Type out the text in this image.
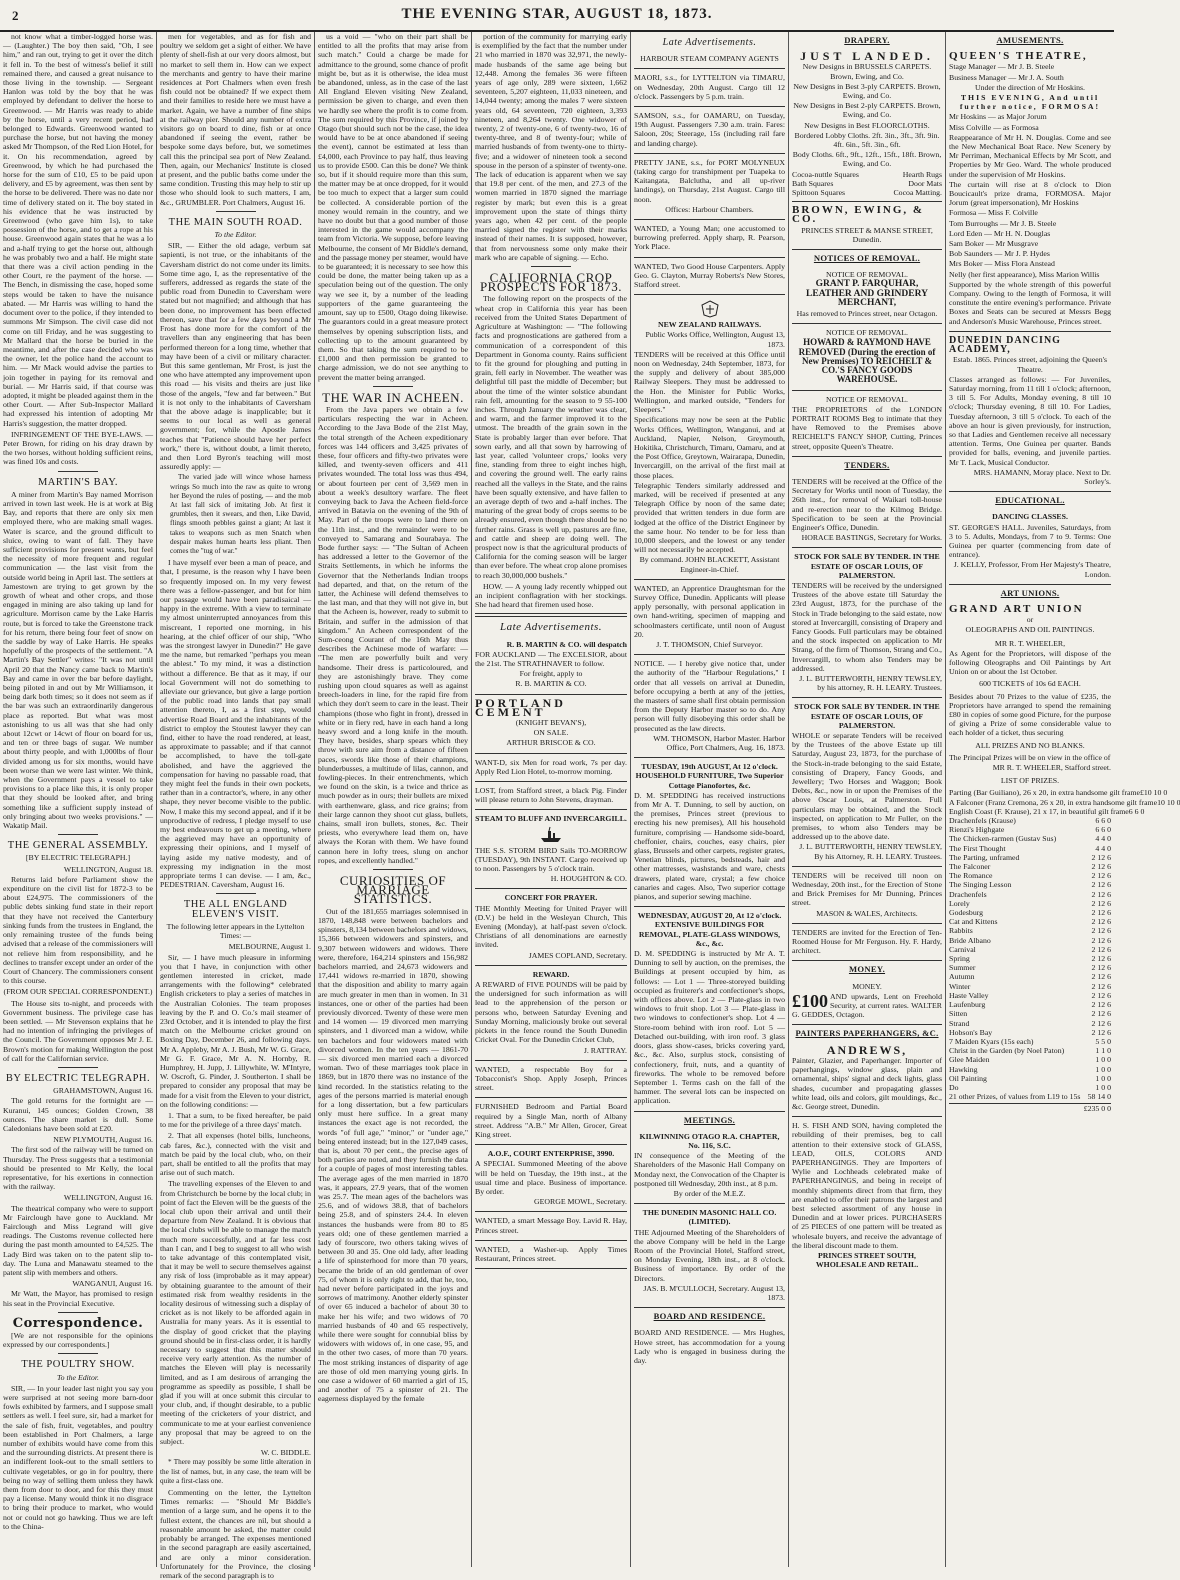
2	THE EVENING STAR, AUGUST 18, 1873.

not know what a timber-logged horse was. — (Laughter.) The boy then said, "Oh, I see him," and ran out, trying to get it over the ditch it fell in. To the best of witness's belief it still remained there, and caused a great nuisance to those living in the township. — Sergeant Hanlon was told by the boy that he was employed by defendant to deliver the horse to Greenwood. — Mr Harris was ready to abide by the horse, until a very recent period, had belonged to Edwards. Greenwood wanted to purchase the horse, but not having the money asked Mr Thompson, of the Red Lion Hotel, for it. On his recommendation, agreed by Greenwood, by which he had purchased the horse for the sum of £10, £5 to be paid upon delivery, and £5 by agreement, was then sent by the horse to be delivered. There was no date nor time of delivery stated on it. The boy stated in his evidence that he was instructed by Greenwood (who gave him 1s), to take possession of the horse, and to get a rope at his house. Greenwood again states that he was a lo and a-half trying to get the horse out, although he was probably two and a half. He might state that there was a civil action pending in the other Court, re the payment of the horse. — The Bench, in dismissing the case, hoped some steps would be taken to have the nuisance abated. — Mr Harris was willing to hand the document over to the police, if they intended to summons Mr Simpson. The civil case did not come on till Friday, and he was suggesting to Mr Mallard that the horse be buried in the meantime, and after the case decided who was the owner, let the police hand the account to him. — Mr Mack would advise the parties to join together in paying for its removal and burial. — Mr Harris said, if that course was adopted, it might be pleaded against them in the other Court. — After Sub-Inspector Mallard had expressed his intention of adopting Mr Harris's suggestion, the matter dropped.

INFRINGEMENT OF THE BYE-LAWS. — Peter Brown, for riding on his dray drawn by the two horses, without holding sufficient reins, was fined 10s and costs.

MARTIN'S BAY.

A miner from Martin's Bay named Morrison arrived in town last week. He is at work at Big Bay, and reports that there are only six men employed there, who are making small wages. Water is scarce, and the ground difficult to sluice, owing to want of fall. They have sufficient provisions for present wants, but feel the necessity of more frequent and regular communication — the last visit from the outside world being in April last. The settlers at Jamestown are trying to get grown by the growth of wheat and other crops, and those engaged in mining are also taking up land for agriculture. Morrison came by the Lake Harris route, but is forced to take the Greenstone track for his return, there being four feet of snow on the saddle by way of Lake Harris. He speaks hopefully of the prospects of the settlement. "A Martin's Bay Settler" writes: "It was not until April 20 that the Nancy came back to Martin's Bay and came in over the bar before daylight, being piloted in and out by Mr Williamson, it being dark both times; so it does not seem as if the bar was such an extraordinarily dangerous place as reported. But what was most astonishing to us all was that she had only about 12cwt or 14cwt of flour on board for us, and ten or three bags of sugar. We number about thirty people, and with 1,000lbs of flour divided among us for six months, would have been worse than we were last winter. We think, when the Government pays a vessel to take provisions to a place like this, it is only proper that they should be looked after, and bring something like a sufficient supply instead of only bringing about two weeks provisions." — Wakatip Mail.

THE GENERAL ASSEMBLY.
[BY ELECTRIC TELEGRAPH.]
WELLINGTON, August 18.

Returns laid before Parliament show the expenditure on the civil list for 1872-3 to be about £24,975. The commissioners of the public debts sinking fund state in their report that they have not received the Canterbury sinking funds from the trustees in England, the only remaining trustee of the funds being advised that a release of the commissioners will not relieve him from responsibility, and he declines to transfer except under an order of the Court of Chancery. The commissioners consent to this course.

(FROM OUR SPECIAL CORRESPONDENT.)

The House sits to-night, and proceeds with Government business. The privilege case has been settled. — Mr Stevenson explains that he had no intention of infringing the privileges of the Council. The Government opposes Mr J. E. Brown's motion for making Wellington the post of call for the Californian service.

BY ELECTRIC TELEGRAPH.
GRAHAMSTOWN, August 16.

The gold returns for the fortnight are — Kuranui, 145 ounces; Golden Crown, 38 ounces. The share market is dull. Some Caledonians have been sold at £20.

NEW PLYMOUTH, August 16.

The first sod of the railway will be turned on Thursday. The Press suggests that a testimonial should be presented to Mr Kelly, the local representative, for his exertions in connection with the railway.

WELLINGTON, August 16.

The theatrical company who were to support Mr Fairclough have gone to Auckland. Mr Fairclough and Miss Legrand will give readings. The Customs revenue collected here during the past month amounted to £4,525. The Lady Bird was taken on to the patent slip to-day. The Luna and Manawatu steamed to the patent slip with members and others.

WANGANUI, August 16.

Mr Watt, the Mayor, has promised to resign his seat in the Provincial Executive.

Correspondence.

[We are not responsible for the opinions expressed by our correspondents.]

THE POULTRY SHOW.
To the Editor.

SIR, — In your leader last night you say you were surprised at not seeing more barn-door fowls exhibited by farmers, and I suppose small settlers as well. I feel sure, sir, had a market for the sale of fish, fruit, vegetables, and poultry been established in Port Chalmers, a large number of exhibits would have come from this and the surrounding districts. At present there is an indifferent look-out to the small settlers to cultivate vegetables, or go in for poultry, there being no way of selling them unless they hawk them from door to door, and for this they must pay a license. Many would think it no disgrace to bring their produce to market, who would not or could not go hawking. Thus we are left to the China-

men for vegetables, and as for fish and poultry we seldom get a sight of either. We have plenty of shell-fish at our very doors almost, but no market to sell them in. How can we expect the merchants and gentry to have their marine residences at Port Chalmers when even fresh fish could not be obtained? If we expect them and their families to reside here we must have a market. Again, we have a number of fine ships at the railway pier. Should any number of extra visitors go on board to dine, fish or at once abandoned if seeing the event, rather be bespoke some days before, but, we sometimes call this the principal sea port of New Zealand. Then, again, our Mechanics' Institute is closed at present, and the public baths come under the same condition. Trusting this may help to stir up those who should look to such matters, I am, &c., GRUMBLER. Port Chalmers, August 16.

THE MAIN SOUTH ROAD.
To the Editor.

SIR, — Either the old adage, verbum sat sapienti, is not true, or the inhabitants of the Caversham district do not come under its limits. Some time ago, I, as the representative of the sufferers, addressed as regards the state of the public road from Dunedin to Caversham were stated but not magnified; and although that has been done, no improvement has been effected thereon, save that for a few days beyond a Mr Frost has done more for the comfort of the travellers than any engineering that has been performed thereon for a long time, whether that may have been of a civil or military character. But this same gentleman, Mr Frost, is just the one who have attempted any improvement upon this road — his visits and theirs are just like those of the angels, "few and far between." But it is not only to the inhabitants of Caversham that the above adage is inapplicable; but it seems to our local as well as general government; for, while the Apostle James teaches that "Patience should have her perfect work," there is, without doubt, a limit thereto, and then Lord Byron's teaching will most assuredly apply: —

The varied jade will wince whose harness wrings So much into the raw as quite to wrong her Beyond the rules of posting, — and the mob At last fall sick of imitating Job. At first it grumbles, then it swears, and then, Like David, flings smooth pebbles gainst a giant; At last it takes to weapons such as men Snatch when despair makes human hearts less pliant. Then comes the "tug of war."

I have myself ever been a man of peace, and that, I presume, is the reason why I have been so frequently imposed on. In my very fewest there was a fellow-passenger, and but for him our passage would have been paradisaical — happy in the extreme. With a view to terminate my almost uninterrupted annoyances from this miscreant, I reported one morning, in his hearing, at the chief officer of our ship, "Who was the strongest lawyer in Dunedin?" He gave me the name, but remarked "perhaps you mean the ablest." To my mind, it was a distinction without a difference. Be that as it may, if our local Government will not do something to alleviate our grievance, but give a large portion of the public road into lands that pay small attention thereto, I, as a first step, would advertise Road Board and the inhabitants of the district to employ the Stoutest lawyer they can find, either to have the road rendered, at least, as approximate to passable; and if that cannot be accomplished, to have the toll-gate abolished, and have the aggrieved the compensation for having no passable road, that they might feel the funds in their own pockets, rather than in a contractor's, where, in any other shape, they never become visible to the public. Now, I make this my second appeal, and if it be unproductive of redress, I pledge myself to use my best endeavours to get up a meeting, where the aggrieved may have an opportunity of expressing their opinions, and I myself of laying aside my native modesty, and of expressing my indignation in the most appropriate terms I can devise. — I am, &c., PEDESTRIAN. Caversham, August 16.

THE ALL ENGLAND ELEVEN'S VISIT.
The following letter appears in the Lyttelton Times: —
MELBOURNE, August 1.

Sir, — I have much pleasure in informing you that I have, in conjunction with other gentlemen interested in cricket, made arrangements with the following* celebrated English cricketers to play a series of matches in the Australian Colonies. The team proposes leaving by the P. and O. Co.'s mail steamer of 23rd October, and it is intended to play the first match on the Melbourne cricket ground on Boxing Day, December 26, and following days. Mr A. Appleby, Mr A. J. Bush, Mr W. G. Grace, Mr G. F. Grace, Mr A. N. Hornby, R. Humphrey, H. Jupp, J. Lillywhite, W. M'Intyre, W. Oscroft, G. Pinder, J. Southerton. I shall be prepared to consider any proposal that may be made for a visit from the Eleven to your district, on the following conditions: —

1. That a sum, to be fixed hereafter, be paid to me for the privilege of a three days' match.

2. That all expenses (hotel bills, luncheons, cab fares, &c.), connected with the visit and match be paid by the local club, who, on their part, shall be entitled to all the profits that may arise out of such match.

The travelling expenses of the Eleven to and from Christchurch be borne by the local club; in point of fact the Eleven will be the guests of the local club upon their arrival and until their departure from New Zealand. It is obvious that the local clubs will be able to manage the match much more successfully, and at far less cost than I can, and I beg to suggest to all who wish to take advantage of this contemplated visit, that it may be well to secure themselves against any risk of loss (improbable as it may appear) by obtaining guarantee to the amount of their estimated risk from wealthy residents in the locality desirous of witnessing such a display of cricket as is not likely to be afforded again in Australia for many years. As it is essential to the display of good cricket that the playing ground should be in first-class order, it is hardly necessary to suggest that this matter should receive very early attention. As the number of matches the Eleven will play is necessarily limited, and as I am desirous of arranging the programme as speedily as possible, I shall be glad if you will at once submit this circular to your club, and, if thought desirable, to a public meeting of the cricketers of your district, and communicate to me at your earliest convenience any proposal that may be agreed to on the subject.

W. C. BIDDLE.

* There may possibly be some little alteration in the list of names, but, in any case, the team will be quite a first-class one.

Commenting on the letter, the Lyttelton Times remarks: — "Should Mr Biddle's mention of a large sum, and he opens it to the fullest extent, the chances are nil, but should a reasonable amount be asked, the matter could probably be arranged. The expenses mentioned in the second paragraph are easily ascertained, and are only a minor consideration. Unfortunately for the Province, the closing remark of the second paragraph is to

us a void — "who on their part shall be entitled to all the profits that may arise from such match." Could a charge be made for admittance to the ground, some chance of profit might be, but as it is otherwise, the idea must be abandoned, unless, as in the case of the last All England Eleven visiting New Zealand, permission be given to charge, and even then we hardly see where the profit is to come from. The sum required by this Province, if joined by Otago (but should such not be the case, the idea would have to be at once abandoned if seeing the event), cannot be estimated at less than £4,000, each Province to pay half, thus leaving us to provide £500. Can this be done? We think so, but if it should require more than this sum, the matter may be at once dropped, for it would be too much to expect that a larger sum could be collected. A considerable portion of the money would remain in the country, and we have no doubt but that a good number of those interested in the game would accompany the team from Victoria. We suppose, before leaving Melbourne, the consent of Mr Biddle's demand, and the passage money per steamer, would have to be guaranteed; it is necessary to see how this could be done, the matter being taken up as a speculation being out of the question. The only way we see it, by a number of the leading supporters of the game guaranteeing the amount, say up to £500, Otago doing likewise. The guarantors could in a great measure protect themselves by opening subscription lists, and collecting up to the amount guaranteed by them. So that taking the sum required to be £1,000 and then permission be granted to charge admission, we do not see anything to prevent the matter being arranged.

THE WAR IN ACHEEN.

From the Java papers we obtain a few particulars respecting the war in Acheen. According to the Java Bode of the 21st May, the total strength of the Acheen expeditionary forces was 144 officers and 3,425 privates of these, four officers and fifty-two privates were killed, and twenty-seven officers and 411 privates wounded. The total loss was thus 494, or about fourteen per cent of 3,569 men in about a week's desultory warfare. The fleet conveying back to Java the Acheen field-force arrived in Batavia on the evening of the 9th of May. Part of the troops were to land there on the 11th inst., and the remainder were to be conveyed to Samarang and Sourabaya. The Bode further says: — "The Sultan of Acheen has addressed a letter to the Governor of the Straits Settlements, in which he informs the Governor that the Netherlands Indian troops had departed, and that, on the return of the latter, the Achinese will defend themselves to the last man, and that they will not give in, but that the Acheen is, however, ready to submit to Britain, and suffer in the admission of that kingdom." An Acheen correspondent of the Sum-ceong Courant of the 16th May thus describes the Achinese mode of warfare: — "The men are powerfully built and very handsome. Their dress is particoloured, and they are astonishingly brave. They come rushing upon cloud squares as well as against breech-loaders in line, for the rapid fire from which they don't seem to care in the least. Their champions (those who fight in front), dressed in white or in fiery red, have in each hand a long heavy sword and a long knife in the mouth. They have, besides, sharp spears which they throw with sure aim from a distance of fifteen paces, swords like those of their champions, blunderbusses, a multitude of lilas, cannon, and fowling-pieces. In their entrenchments, which we found on the skin, is a twice and thrice as much powder as in ours; their bullets are mixed with earthenware, glass, and rice grains; from their large cannon they shoot cut glass, bullets, chains, small iron bullets, stones, &c. Their priests, who everywhere lead them on, have always the Koran with them. We have found cannon here in lofty trees, slung on anchor ropes, and excellently handled."

CURIOSITIES OF MARRIAGE STATISTICS.

Out of the 181,655 marriages solemnised in 1870, 148,848 were between bachelors and spinsters, 8,134 between bachelors and widows, 15,366 between widowers and spinsters, and 9,307 between widowers and widows. There were, therefore, 164,214 spinsters and 156,982 bachelors married, and 24,673 widowers and 17,441 widows re-married in 1870, showing that the disposition and ability to marry again are much greater in men than in women. In 31 instances, one or other of the parties had been previously divorced. Twenty of these were men and 14 women — 19 divorced men marrying spinsters, and 1 divorced man a widow, while ten bachelors and four widowers mated with divorced women. In the ten years — 1861-70 — six divorced men married each a divorced woman. Two of these marriages took place in 1869, but in 1870 there was no instance of the kind recorded. In the statistics relating to the ages of the persons married is material enough for a long dissertation, but a few particulars only must here suffice. In a great many instances the exact age is not recorded, the words "of full age," "minor," or "under age," being entered instead; but in the 127,049 cases, that is, about 70 per cent., the precise ages of both parties are noted, and they furnish the data for a couple of pages of most interesting tables. The average ages of the men married in 1870 was, it appears, 27.9 years, that of the women was 25.7. The mean ages of the bachelors was 25.6, and of widows 38.8, that of bachelors being 25.8, and of spinsters 24.4. In eleven instances the husbands were from 80 to 85 years old; one of these gentlemen married a lady of fourscore, two others taking wives of between 30 and 35. One old lady, after leading a life of spinsterhood for more than 70 years, became the bride of an old gentleman of over 75, of whom it is only right to add, that he, too, had never before participated in the joys and sorrows of matrimony. Another elderly spinster of over 65 induced a bachelor of about 30 to make her his wife; and two widows of 70 married husbands of 40 and 65 respectively, while there were sought for connubial bliss by widowers with widows of, in one case, 95, and in the other two cases, of more than 70 years. The most striking instances of disparity of age are those of old men marrying young girls. In one case a widower of 60 married a girl of 15, and another of 75 a spinster of 21. The eagerness displayed by the female

portion of the community for marrying early is exemplified by the fact that the number under 21 who married in 1870 was 32,971, the newly-made husbands of the same age being but 12,448. Among the females 36 were fifteen years of age only, 289 were sixteen, 1,662 seventeen, 5,207 eighteen, 11,033 nineteen, and 14,044 twenty; among the males 7 were sixteen years old, 64 seventeen, 720 eighteen, 3,393 nineteen, and 8,264 twenty. One widower of twenty, 2 of twenty-one, 6 of twenty-two, 16 of twenty-three, and 8 of twenty-four; while of married husbands of from twenty-one to thirty-five; and a widower of nineteen took a second spouse in the person of a spinster of twenty-one. The lack of education is apparent when we say that 19.8 per cent. of the men, and 27.3 of the women married in 1870 signed the marriage register by mark; but even this is a great improvement upon the state of things thirty years ago, when 42 per cent. of the people married signed the register with their marks instead of their names. It is supposed, however, that from nervousness some only make their mark who are capable of signing. — Echo.

CALIFORNIA CROP PROSPECTS FOR 1873.

The following report on the prospects of the wheat crop in California this year has been received from the United States Department of Agriculture at Washington: — "The following facts and prognostications are gathered from a communication of a correspondent of this Department in Gonoma county. Rains sufficient to fit the ground for ploughing and putting in grain, fell early in November. The weather was delightful till past the middle of December; but about the time of the winter solstice abundant rain fell, amounting for the season to 9 55-100 inches. Through January the weather was clear, and warm, and the farmer improved it to the utmost. The breadth of the grain sown in the State is probably larger than ever before. That sown early, and all that sown by harrowing of last year, called 'volunteer crops,' looks very fine, standing from three to eight inches high, and covering the ground well. The early rains reached all the valleys in the State, and the rains have been squally extensive, and have fallen to an average depth of two and a-half inches. The maturing of the great body of crops seems to be already ensured, even though there should be no further rains. Grass is well up, pastures are fine, and cattle and sheep are doing well. The prospect now is that the agricultural products of California for the coming season will be larger than ever before. The wheat crop alone promises to reach 30,000,000 bushels."

HOW. — A young lady recently whipped out an incipient conflagration with her stockings. She had heard that firemen used hose.

Late Advertisements.
R. B. MARTIN & CO. will despatch
FOR AUCKLAND — The EXCELSIOR, about the 21st. The STRATHNAVER to follow.
For freight, apply to
R. B. MARTIN & CO.
PORTLAND CEMENT
(KNIGHT BEVAN'S),
ON SALE.
ARTHUR BRISCOE & CO.
WANT-D, six Men for road work, 7s per day. Apply Red Lion Hotel, to-morrow morning.
LOST, from Stafford street, a black Pig. Finder will please return to John Stevens, drayman.
STEAM TO BLUFF AND INVERCARGILL.
THE S.S. STORM BIRD Sails TO-MORROW (TUESDAY), 9th INSTANT. Cargo received up to noon. Passengers by 5 o'clock train.
H. HOUGHTON & CO.
CONCERT FOR PRAYER.
THE Monthly Meeting for United Prayer will (D.V.) be held in the Wesleyan Church, This Evening (Monday), at half-past seven o'clock. Christians of all denominations are earnestly invited.
JAMES COPLAND, Secretary.
REWARD.
A REWARD of FIVE POUNDS will be paid by the undersigned for such information as will lead to the apprehension of the person or persons who, between Saturday Evening and Sunday Morning, maliciously broke out several pickets in the fence round the South Dunedin Cricket Oval. For the Dunedin Cricket Club,
J. RATTRAY.
WANTED, a respectable Boy for a Tobacconist's Shop. Apply Joseph, Princes street.
FURNISHED Bedroom and Partial Board required by a Single Man, north of Albany street. Address "A.B." Mr Allen, Grocer, Great King street.
A.O.F., COURT ENTERPRISE, 3990.
A SPECIAL Summoned Meeting of the above will be held on Tuesday, the 19th inst., at the usual time and place. Business of importance. By order.
GEORGE MOWL, Secretary.
WANTED, a smart Message Boy. Lavid R. Hay, Princes street.
WANTED, a Washer-up. Apply Times Restaurant, Princes street.
Late Advertisements.
HARBOUR STEAM COMPANY AGENTS
MAORI, s.s., for LYTTELTON via TIMARU, on Wednesday, 20th August. Cargo till 12 o'clock. Passengers by 5 p.m. train.
SAMSON, s.s., for OAMARU, on Tuesday, 19th August. Passengers 7.30 a.m. train. Fares: Saloon, 20s; Steerage, 15s (including rail fare and landing charge).
PRETTY JANE, s.s., for PORT MOLYNEUX (taking cargo for transhipment per Tuapeka to Kaitangata, Balclutha, and all up-river landings), on Thursday, 21st August. Cargo till noon.
Offices: Harbour Chambers.
WANTED, a Young Man; one accustomed to burrowing preferred. Apply sharp, R. Pearson, York Place.
WANTED, Two Good House Carpenters. Apply Geo. G. Clayton, Murray Roberts's New Stores, Stafford street.
NEW ZEALAND RAILWAYS.
Public Works Office, Wellington, August 13, 1873.
TENDERS will be received at this Office until noon on Wednesday, 24th September, 1873, for the supply and delivery of about 385,000 Railway Sleepers. They must be addressed to the Hon. the Minister for Public Works, Wellington, and marked outside, "Tenders for Sleepers."
Specifications may now be seen at the Public Works Offices, Wellington, Wanganui, and at Auckland, Napier, Nelson, Greymouth, Hokitika, Christchurch, Timaru, Oamaru, and at the Post Office, Greytown, Wairarapa, Dunedin, Invercargill, on the arrival of the first mail at those places.
Telegraphic Tenders similarly addressed and marked, will be received if presented at any Telegraph Office by noon of the same date; provided that written tenders in due form are lodged at the office of the District Engineer by the same hour. No tender to be for less than 10,000 sleepers, and the lowest or any tender will not necessarily be accepted.
By command. JOHN BLACKETT, Assistant Engineer-in-Chief.
WANTED, an Apprentice Draughtsman for the Survey Office, Dunedin. Applicants will please apply personally, with personal application in own hand-writing, specimen of mapping and schoolmasters certificate, until noon of August 20.
J. T. THOMSON, Chief Surveyor.
NOTICE. — I hereby give notice that, under the authority of the "Harbour Regulations," I order that all vessels on arrival at Dunedin, before occupying a berth at any of the jetties, the masters of same shall first obtain permission from the Deputy Harbor master so to do. Any person will fully disobeying this order shall be prosecuted as the law directs.
WM. THOMSON, Harbor Master. Harbor Office, Port Chalmers, Aug. 16, 1873.
TUESDAY, 19th AUGUST, At 12 o'clock. HOUSEHOLD FURNITURE, Two Superior Cottage Pianofortes, &c.
D. M. SPEDDING has received instructions from Mr A. T. Dunning, to sell by auction, on the premises, Princes street (previous to erecting his new premises), All his household furniture, comprising — Handsome side-board, cheffonier, chairs, couches, easy chairs, pier glass, Brussels and other carpets, register grates, Venetian blinds, pictures, bedsteads, hair and other mattresses, washstands and ware, chests drawers, plated ware, crystal; a few choice canaries and cages. Also, Two superior cottage pianos, and superior sewing machine.
WEDNESDAY, AUGUST 20, At 12 o'clock. EXTENSIVE BUILDINGS FOR REMOVAL, PLATE-GLASS WINDOWS, &c., &c.
D. M. SPEDDING is instructed by Mr A. T. Dunning to sell by auction, on the premises, the Buildings at present occupied by him, as follows: — Lot 1 — Three-storeyed building occupied as fruiterer's and confectioner's shops, with offices above. Lot 2 — Plate-glass in two windows to fruit shop. Lot 3 — Plate-glass in two windows to confectioner's shop. Lot 4 — Store-room behind with iron roof. Lot 5 — Detached out-building, with iron roof. 3 glass doors, glass show-cases, bricks covering yard, &c., &c. Also, surplus stock, consisting of confectionery, fruit, nuts, and a quantity of fireworks. The whole to be removed before September 1. Terms cash on the fall of the hammer. The several lots can be inspected on application.
MEETINGS.
KILWINNING OTAGO R.A. CHAPTER, No. 116, S.C.
IN consequence of the Meeting of the Shareholders of the Masonic Hall Company on Monday next, the Convocation of the Chapter is postponed till Wednesday, 20th inst., at 8 p.m.
By order of the M.E.Z.
THE DUNEDIN MASONIC HALL CO. (LIMITED).
THE Adjourned Meeting of the Shareholders of the above Company will be held in the Large Room of the Provincial Hotel, Stafford street, on Monday Evening, 18th inst., at 8 o'clock. Business of importance. By order of the Directors.
JAS. B. M'CULLOCH, Secretary. August 13, 1873.
BOARD AND RESIDENCE.
BOARD AND RESIDENCE. — Mrs Hughes, Howe street, has accommodation for a young Lady who is engaged in business during the day.
DRAPERY.
JUST LANDED.
New Designs in BRUSSELS CARPETS. Brown, Ewing, and Co.
New Designs in Best 3-ply CARPETS. Brown, Ewing, and Co.
New Designs in Best 2-ply CARPETS. Brown, Ewing, and Co.
New Designs in Best FLOORCLOTHS.
Bordered Lobby Cloths. 2ft. 3in., 3ft., 3ft. 9in. 4ft. 6in., 5ft. 3in., 6ft.
Body Cloths. 6ft., 9ft., 12ft., 15ft., 18ft. Brown, Ewing, and Co.
Cocoa-nuttle Squares	Hearth Rugs
Bath Squares	Door Mats
Spittoon Squares	Cocoa Matting.
BROWN, EWING, & CO.
PRINCES STREET & MANSE STREET, Dunedin.
NOTICES OF REMOVAL.
NOTICE OF REMOVAL.
GRANT P. FARQUHAR, LEATHER AND GRINDERY MERCHANT,
Has removed to Princes street, near Octagon.
NOTICE OF REMOVAL.
HOWARD & RAYMOND HAVE REMOVED (During the erection of New Premises) TO REICHELT & CO.'S FANCY GOODS WAREHOUSE.
NOTICE OF REMOVAL.
THE PROPRIETORS of the LONDON PORTRAIT ROOMS Beg to intimate that they have Removed to the Premises above REICHELT'S FANCY SHOP, Cutting, Princes street, opposite Queen's Theatre.
TENDERS.
TENDERS will be received at the Office of the Secretary for Works until noon of Tuesday, the 26th inst., for removal of Waikari toll-house and re-erection near to the Kilmog Bridge. Specification to be seen at the Provincial Engineer's Office, Dunedin.
HORACE BASTINGS, Secretary for Works.
STOCK FOR SALE BY TENDER. IN THE ESTATE OF OSCAR LOUIS, OF PALMERSTON.
TENDERS will be received by the undersigned Trustees of the above estate till Saturday the 23rd August, 1873, for the purchase of the Stock in Trade belonging to the said estate, now stored at Invercargill, consisting of Drapery and Fancy Goods. Full particulars may be obtained and the stock inspected on application to Mr Strang, of the firm of Thomson, Strang and Co., Invercargill, to whom also Tenders may be addressed.
J. L. BUTTERWORTH, HENRY TEWSLEY, by his attorney, R. H. LEARY. Trustees.
STOCK FOR SALE BY TENDER. IN THE ESTATE OF OSCAR LOUIS, OF PALMERSTON.
WHOLE or separate Tenders will be received by the Trustees of the above Estate up till Saturday, August 23, 1873, for the purchase of the Stock-in-trade belonging to the said Estate, consisting of Drapery, Fancy Goods, and Jewellery; Two Horses and Waggon; Book Debts, &c., now in or upon the Premises of the above Oscar Louis, at Palmerston. Full particulars may be obtained, and the Stock inspected, on application to Mr Fuller, on the premises, to whom also Tenders may be addressed up to the above date.
J. L. BUTTERWORTH, HENRY TEWSLEY, By his Attorney, R. H. LEARY. Trustees.
TENDERS will be received till noon on Wednesday, 20th inst., for the Erection of Stone and Brick Premises for Mr Dunning, Princes street.
MASON & WALES, Architects.
TENDERS are invited for the Erection of Ten-Roomed House for Mr Ferguson. Hy. F. Hardy, architect.
MONEY.
MONEY.
£100 AND upwards, Lent on Freehold Security, at current rates. WALTER G. GEDDES, Octagon.
PAINTERS PAPERHANGERS, &C.
ANDREWS,
Painter, Glazier, and Paperhanger. Importer of paperhangings, window glass, plain and ornamental, ships' signal and deck lights, glass shades, cucumber and propagating glasses white lead, oils and colors, gilt mouldings, &c., &c. George street, Dunedin.
H. S. FISH AND SON, having completed the rebuilding of their premises, beg to call attention to their extensive stock of GLASS, LEAD, OILS, COLORS AND PAPERHANGINGS. They are Importers of Wylie and Lochheads celebrated make of PAPERHANGINGS, and being in receipt of monthly shipments direct from that firm, they are enabled to offer their patrons the largest and best selected assortment of any house in Dunedin and at lower prices. PURCHASERS of 25 PIECES of one pattern will be treated as wholesale buyers, and receive the advantage of the liberal discount made to them.
PRINCES STREET SOUTH, WHOLESALE AND RETAIL.
AMUSEMENTS.
QUEEN'S THEATRE,
Stage Manager — Mr J. B. Steele
Business Manager — Mr J. A. South
Under the direction of Mr Hoskins.
THIS EVENING, And until further notice, FORMOSA!
Mr Hoskins — as Major Jorum
Miss Colville — as Formosa
Reappearance of Mr H. N. Douglas. Come and see the New Mechanical Boat Race. New Scenery by Mr Perriman, Mechanical Effects by Mr Scott, and Properties by Mr Geo. Ward. The whole produced under the supervision of Mr Hoskins.
The curtain will rise at 8 o'clock to Dion Boucicault's prize drama, FORMOSA. Major Jorum (great impersonation), Mr Hoskins
Formosa — Miss F. Colville
Tom Burroughs — Mr J. B. Steele
Lord Eden — Mr H. N. Douglas
Sam Boker — Mr Musgrave
Bob Saunders — Mr J. P. Hydes
Mrs Boker — Miss Flora Anstead
Nelly (her first appearance), Miss Marion Willis
Supported by the whole strength of this powerful Company. Owing to the length of Formosa, it will constitute the entire evening's performance. Private Boxes and Seats can be secured at Messrs Begg and Anderson's Music Warehouse, Princes street.
DUNEDIN DANCING ACADEMY,
Estab. 1865. Princes street, adjoining the Queen's Theatre.
Classes arranged as follows: — For Juveniles, Saturday morning, from 11 till 1 o'clock; afternoon, 3 till 5. For Adults, Monday evening, 8 till 10 o'clock; Thursday evening, 8 till 10. For Ladies, Tuesday afternoon, 3 till 5 o'clock. To each of the above an hour is given previously, for instruction, so that Ladies and Gentlemen receive all necessary attention. Terms, One Guinea per quarter. Bands provided for balls, evening, and juvenile parties. Mr T. Lack, Musical Conductor.
MRS. HAMANN, Moray place. Next to Dr. Sorley's.
EDUCATIONAL.
DANCING CLASSES.
ST. GEORGE'S HALL. Juveniles, Saturdays, from 3 to 5. Adults, Mondays, from 7 to 9. Terms: One Guinea per quarter (commencing from date of entrance).
J. KELLY, Professor, From Her Majesty's Theatre, London.
ART UNIONS.
GRAND ART UNION
or
OLEOGRAPHS AND OIL PAINTINGS.
MR R. T. WHEELER,
As Agent for the Proprietors, will dispose of the following Oleographs and Oil Paintings by Art Union on or about the 1st October.
600 TICKETS of 10s 6d EACH.
Besides about 70 Prizes to the value of £235, the Proprietors have arranged to spend the remaining £80 in copies of some good Picture, for the purpose of giving a Prize of some considerable value to each holder of a ticket, thus securing
ALL PRIZES AND NO BLANKS.
The Principal Prizes will be on view in the office of
MR R. T. WHEELER, Stafford street.
LIST OF PRIZES.
Parting (Bar Guiliano), 26 x 20, in extra handsome gilt frame £10 10 0
A Falconer (Franz Cremona, 26 x 20, in extra handsome gilt frame 10 10 0
English Coast (F. Krause), 21 x 17, in beautiful gilt frame 6 6 0
Drachenfels (Krause)	6 6 0
Rienzi's Highgate	6 6 0
The Chicken-rarmen (Gustav Sus)	4 4 0
The First Thought	4 4 0
The Parting, unframed	2 12 6
The Falconer	2 12 6
The Romance	2 12 6
The Singing Lesson	2 12 6
Drachenfels	2 12 6
Lorely	2 12 6
Godesburg	2 12 6
Cat and Kittens	2 12 6
Rabbits	2 12 6
Bride Albano	2 12 6
Carnival	2 12 6
Spring	2 12 6
Summer	2 12 6
Autumn	2 12 6
Winter	2 12 6
Haste Valley	2 12 6
Laufenburg	2 12 6
Sitten	2 12 6
Strand	2 12 6
Hobson's Bay	2 12 6
7 Maiden Kyars (15s each)	5 5 0
Christ in the Garden (by Noel Paton)	1 1 0
Glee Maiden	1 0 0
Hawking	1 0 0
Oil Painting	1 0 0
Do	1 0 0
21 other Prizes, of values from L19 to 15s 58 14 0
£235 0 0
